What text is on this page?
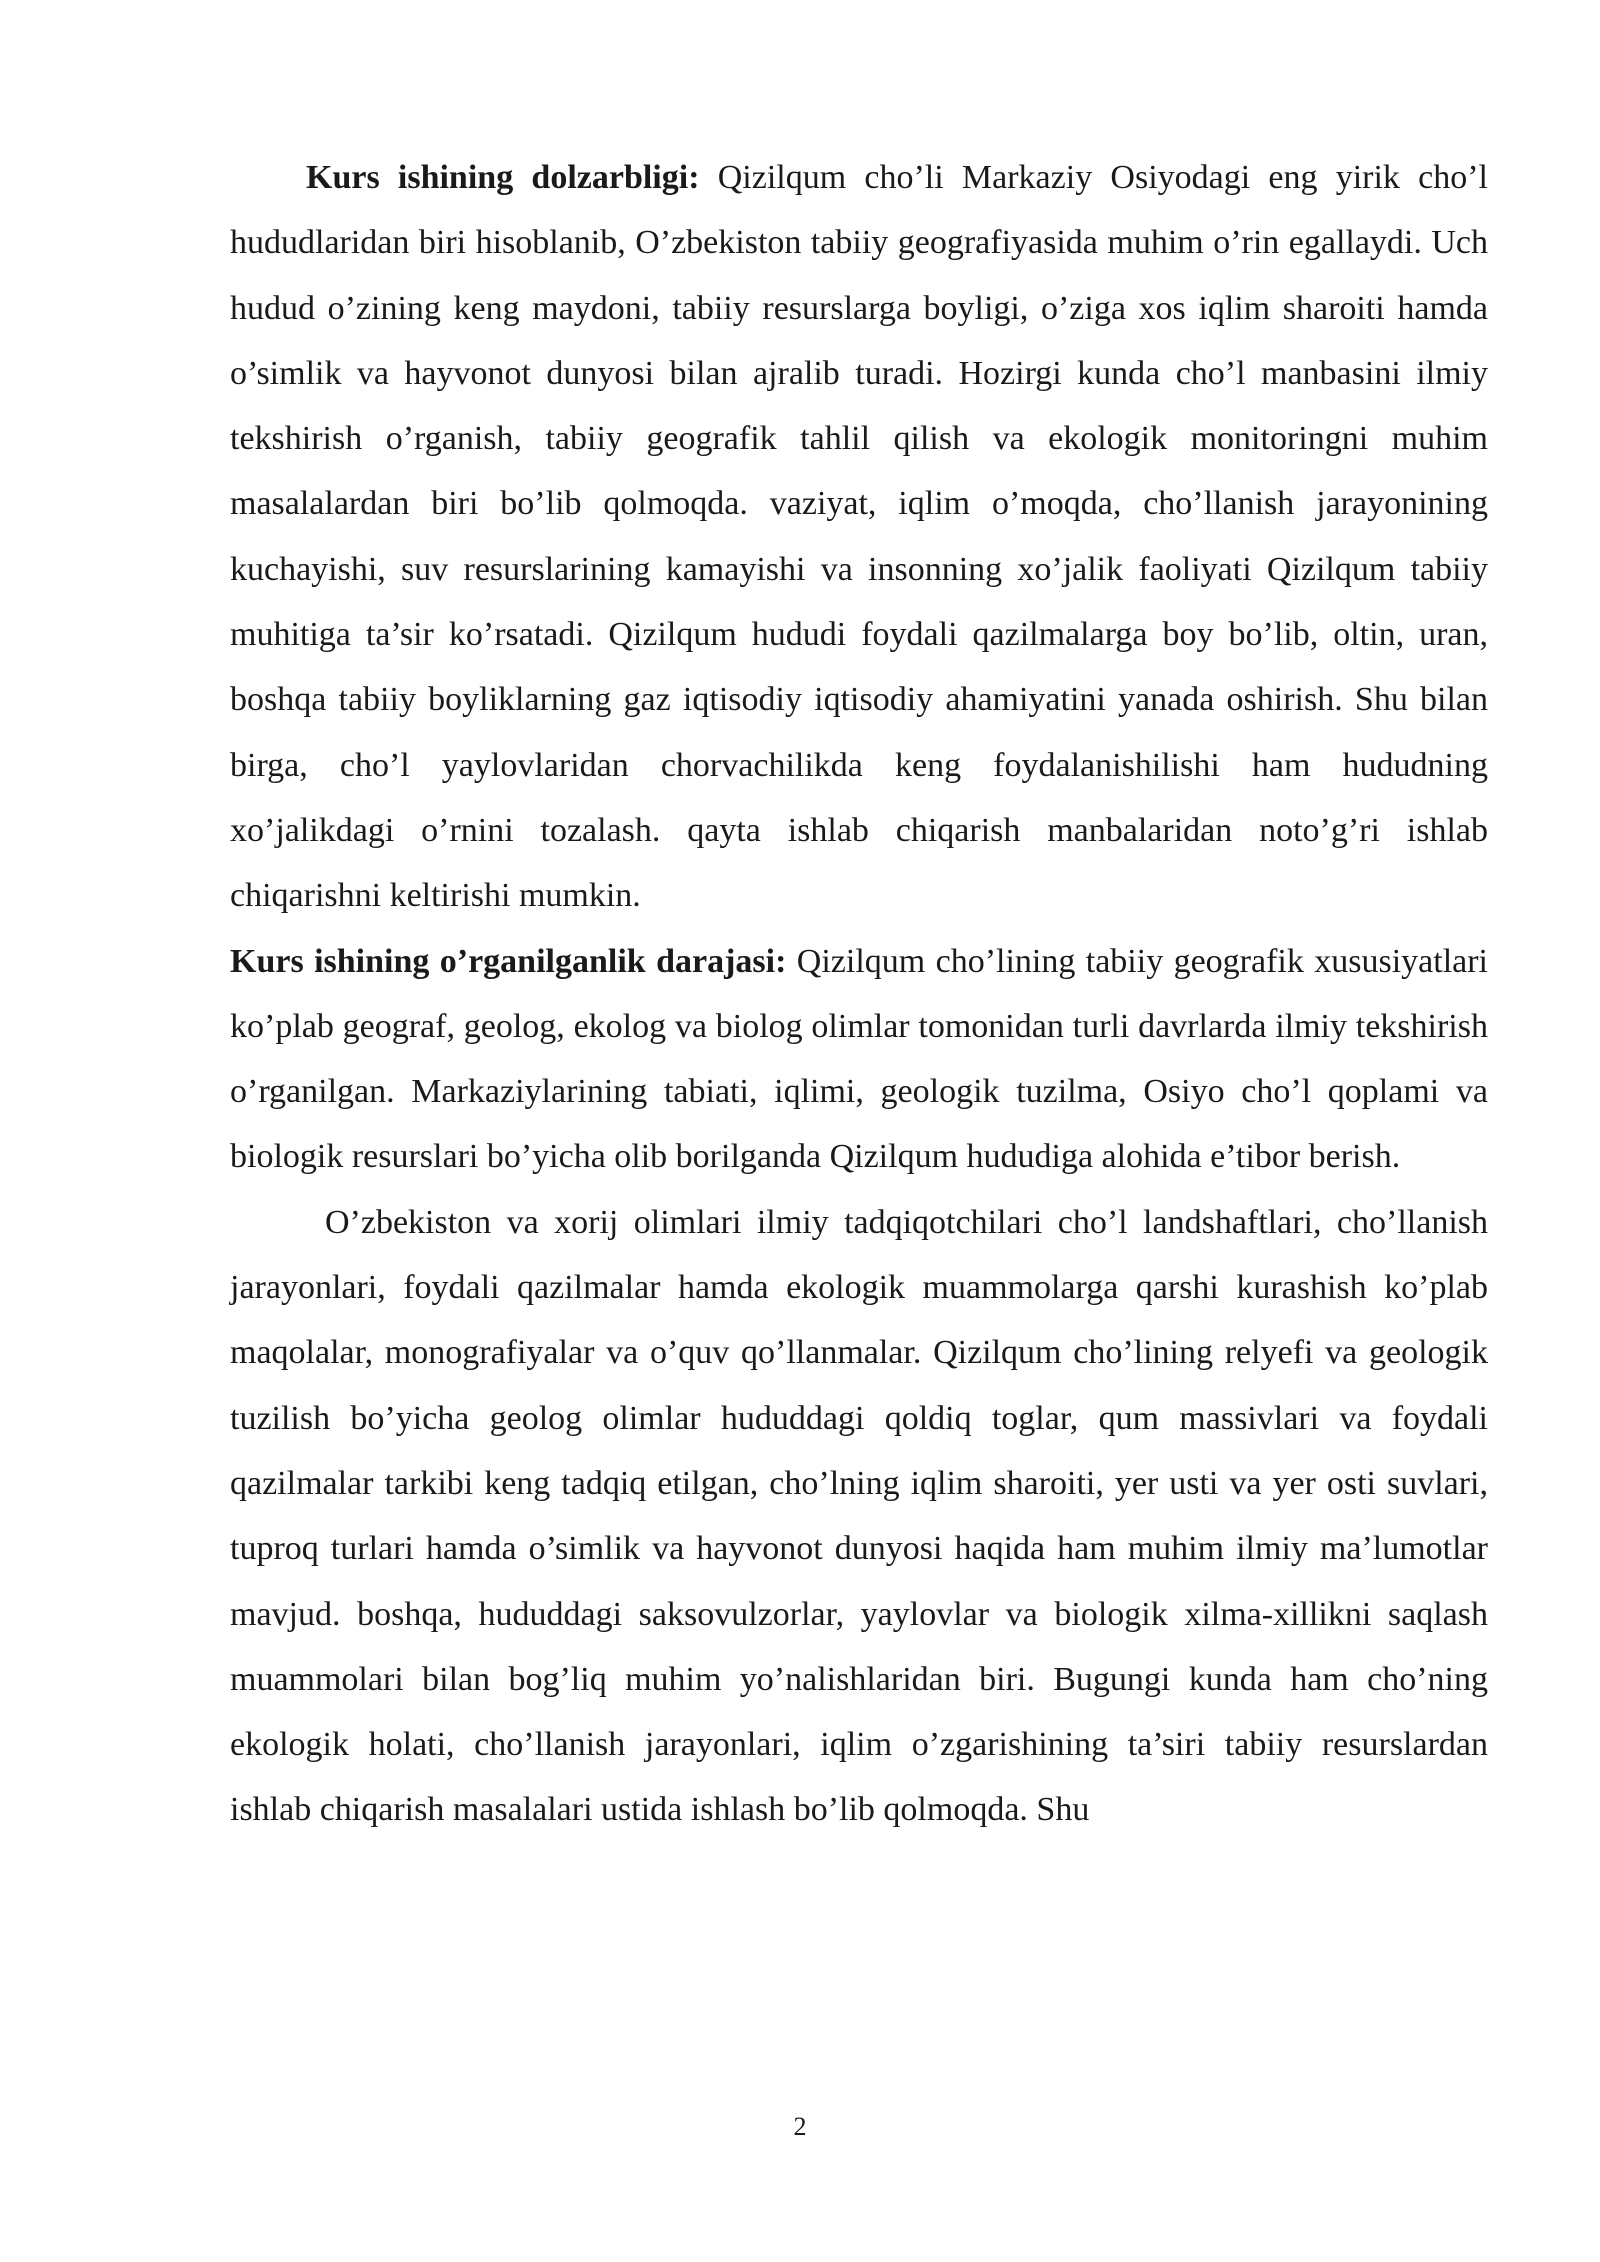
Kurs ishining dolzarbligi: Qizilqum cho’li Markaziy Osiyodagi eng yirik cho’l hududlaridan biri hisoblanib, O’zbekiston tabiiy geografiyasida muhim o’rin egallaydi. Uch hudud o’zining keng maydoni, tabiiy resurslarga boyligi, o’ziga xos iqlim sharoiti hamda o’simlik va hayvonot dunyosi bilan ajralib turadi. Hozirgi kunda cho’l manbasini ilmiy tekshirish o’rganish, tabiiy geografik tahlil qilish va ekologik monitoringni muhim masalalardan biri bo’lib qolmoqda. vaziyat, iqlim o’moqda, cho’llanish jarayonining kuchayishi, suv resurslarining kamayishi va insonning xo’jalik faoliyati Qizilqum tabiiy muhitiga ta’sir ko’rsatadi. Qizilqum hududi foydali qazilmalarga boy bo’lib, oltin, uran, boshqa tabiiy boyliklarning gaz iqtisodiy iqtisodiy ahamiyatini yanada oshirish. Shu bilan birga, cho’l yaylovlaridan chorvachilikda keng foydalanishilishi ham hududning xo’jalikdagi o’rnini tozalash. qayta ishlab chiqarish manbalaridan noto’g’ri ishlab chiqarishni keltirishi mumkin.

Kurs ishining o’rganilganlik darajasi: Qizilqum cho’lining tabiiy geografik xususiyatlari ko’plab geograf, geolog, ekolog va biolog olimlar tomonidan turli davrlarda ilmiy tekshirish o’rganilgan. Markaziylarining tabiati, iqlimi, geologik tuzilma, Osiyo cho’l qoplami va biologik resurslari bo’yicha olib borilganda Qizilqum hududiga alohida e’tibor berish.

O’zbekiston va xorij olimlari ilmiy tadqiqotchilari cho’l landshaftlari, cho’llanish jarayonlari, foydali qazilmalar hamda ekologik muammolarga qarshi kurashish ko’plab maqolalar, monografiyalar va o’quv qo’llanmalar. Qizilqum cho’lining relyefi va geologik tuzilish bo’yicha geolog olimlar hududdagi qoldiq toglar, qum massivlari va foydali qazilmalar tarkibi keng tadqiq etilgan, cho’lning iqlim sharoiti, yer usti va yer osti suvlari, tuproq turlari hamda o’simlik va hayvonot dunyosi haqida ham muhim ilmiy ma’lumotlar mavjud. boshqa, hududdagi saksovulzorlar, yaylovlar va biologik xilma-xillikni saqlash muammolari bilan bog’liq muhim yo’nalishlaridan biri. Bugungi kunda ham cho’ning ekologik holati, cho’llanish jarayonlari, iqlim o’zgarishining ta’siri tabiiy resurslardan ishlab chiqarish masalalari ustida ishlash bo’lib qolmoqda. Shu

2
